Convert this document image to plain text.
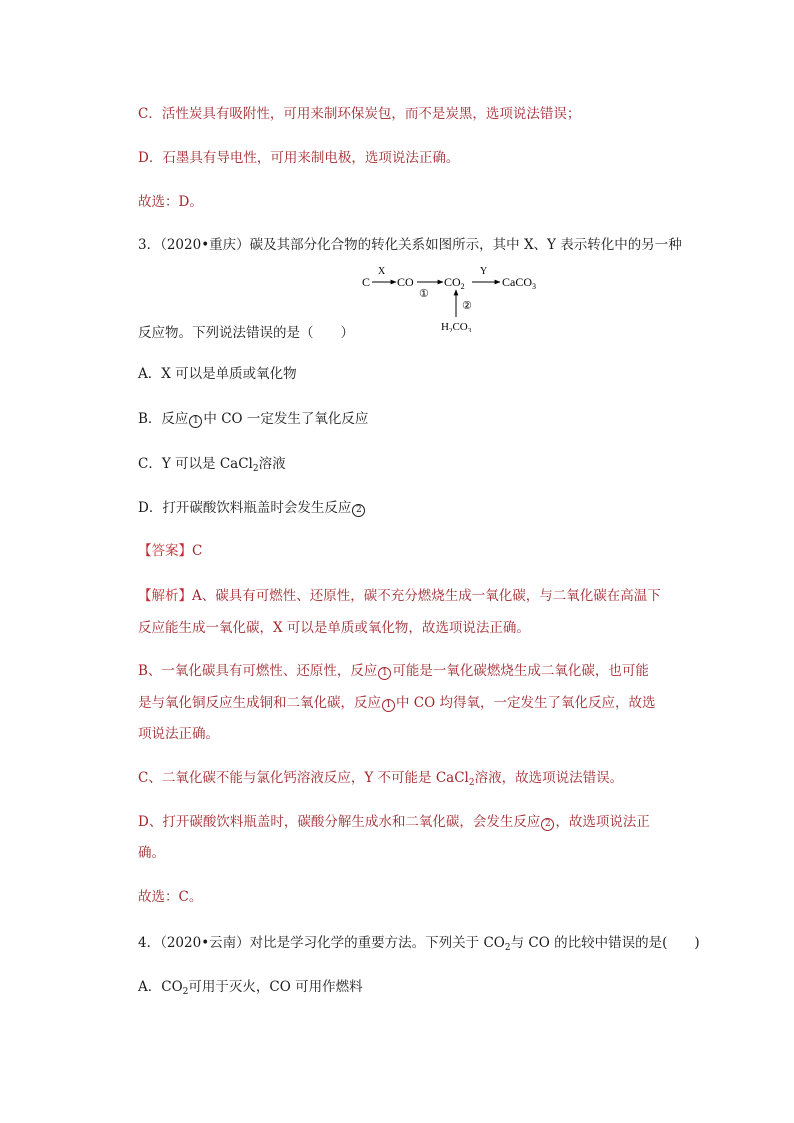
C．活性炭具有吸附性，可用来制环保炭包，而不是炭黑，选项说法错误；
D．石墨具有导电性，可用来制电极，选项说法正确。
故选：D。
3．（2020•重庆）碳及其部分化合物的转化关系如图所示，其中 X、Y 表示转化中的另一种
C
X
CO
①
$CO_2$
Y
CaCO$_3$
②
$H_2CO_3$
反应物。下列说法错误的是（　　）
A．X 可以是单质或氧化物
B．反应 1 中 CO 一定发生了氧化反应
C．Y 可以是 CaCl$_2$溶液
D．打开碳酸饮料瓶盖时会发生反应 2
【答案】C
【解析】A、碳具有可燃性、还原性，碳不充分燃烧生成一氧化碳，与二氧化碳在高温下
反应能生成一氧化碳，X 可以是单质或氧化物，故选项说法正确。
B、一氧化碳具有可燃性、还原性，反应 1 可能是一氧化碳燃烧生成二氧化碳，也可能
是与氧化铜反应生成铜和二氧化碳，反应 1 中 CO 均得氧，一定发生了氧化反应，故选
项说法正确。
C、二氧化碳不能与氯化钙溶液反应，Y 不可能是 CaCl$_2$溶液，故选项说法错误。
D、打开碳酸饮料瓶盖时，碳酸分解生成水和二氧化碳，会发生反应 2 ，故选项说法正
确。
故选：C。
4．（2020•云南）对比是学习化学的重要方法。下列关于 $CO_2$与 CO 的比较中错误的是(　　)
A．$CO_2$可用于灭火，CO 可用作燃料
